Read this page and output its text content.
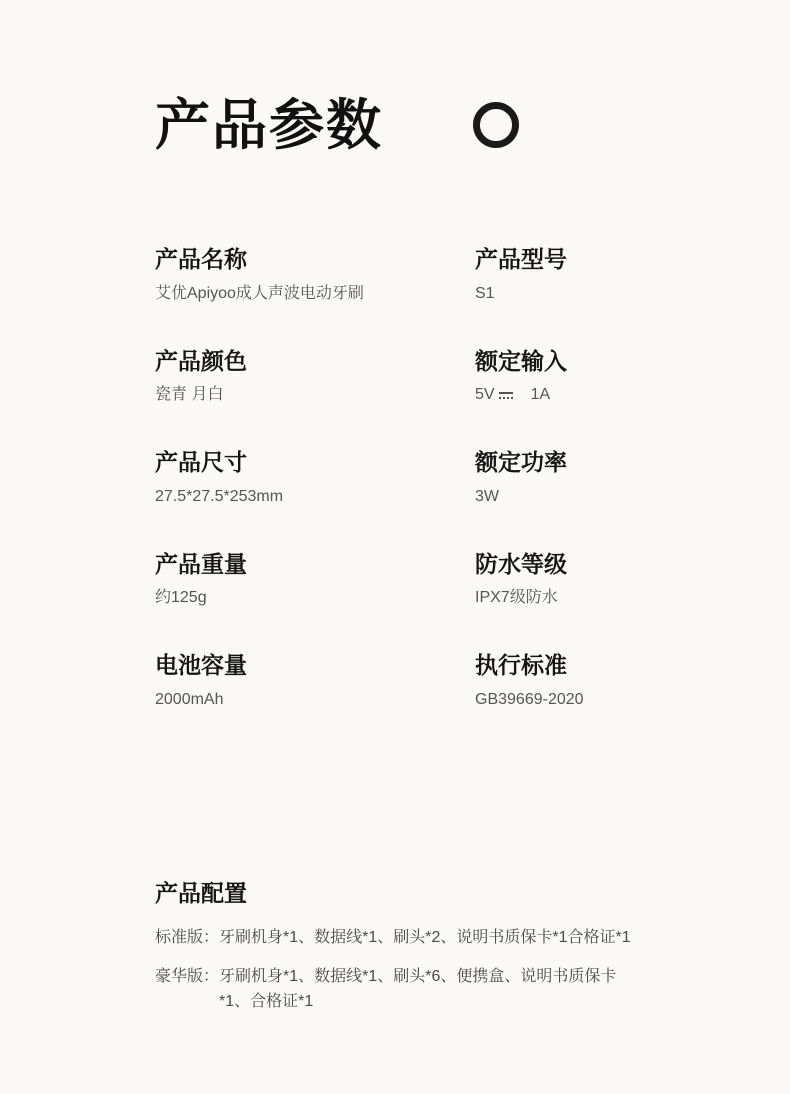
产品参数
产品名称
艾优Apiyoo成人声波电动牙刷
产品型号
S1
产品颜色
瓷青 月白
额定输入
5V 1A
产品尺寸
27.5*27.5*253mm
额定功率
3W
产品重量
约125g
防水等级
IPX7级防水
电池容量
2000mAh
执行标准
GB39669-2020
产品配置
标准版： 牙刷机身*1、数据线*1、刷头*2、说明书质保卡*1合格证*1
豪华版： 牙刷机身*1、数据线*1、刷头*6、便携盒、说明书质保卡*1、合格证*1
